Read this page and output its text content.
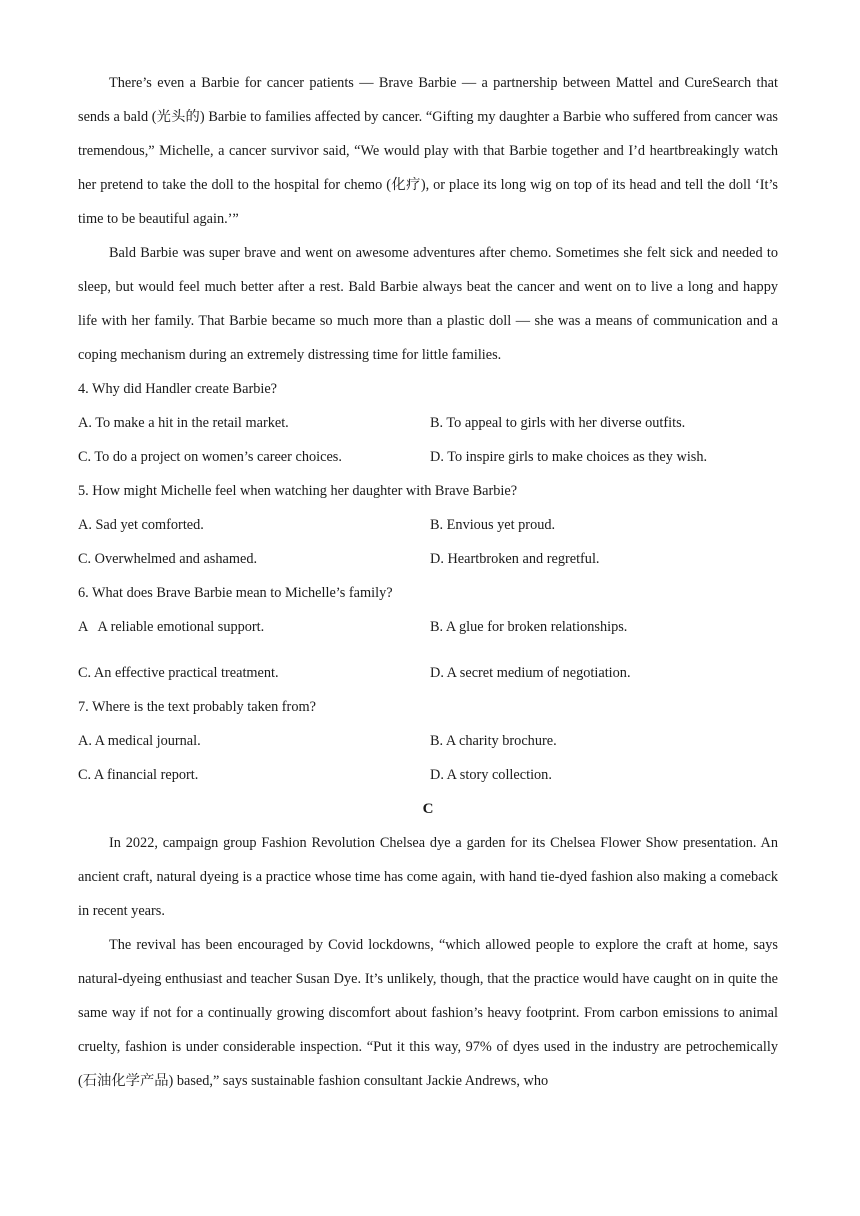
There’s even a Barbie for cancer patients — Brave Barbie — a partnership between Mattel and CureSearch that sends a bald (光头的) Barbie to families affected by cancer. “Gifting my daughter a Barbie who suffered from cancer was tremendous,” Michelle, a cancer survivor said, “We would play with that Barbie together and I’d heartbreakingly watch her pretend to take the doll to the hospital for chemo (化疗), or place its long wig on top of its head and tell the doll ‘It’s time to be beautiful again.’”

Bald Barbie was super brave and went on awesome adventures after chemo. Sometimes she felt sick and needed to sleep, but would feel much better after a rest. Bald Barbie always beat the cancer and went on to live a long and happy life with her family. That Barbie became so much more than a plastic doll — she was a means of communication and a coping mechanism during an extremely distressing time for little families.

4. Why did Handler create Barbie?

A. To make a hit in the retail market.	B. To appeal to girls with her diverse outfits.
C. To do a project on women’s career choices.	D. To inspire girls to make choices as they wish.

5. How might Michelle feel when watching her daughter with Brave Barbie?

A. Sad yet comforted.	B. Envious yet proud.
C. Overwhelmed and ashamed.	D. Heartbroken and regretful.

6. What does Brave Barbie mean to Michelle’s family?

A   A reliable emotional support.	B. A glue for broken relationships.
C. An effective practical treatment.	D. A secret medium of negotiation.

7. Where is the text probably taken from?

A. A medical journal.	B. A charity brochure.
C. A financial report.	D. A story collection.

C

In 2022, campaign group Fashion Revolution Chelsea dye a garden for its Chelsea Flower Show presentation. An ancient craft, natural dyeing is a practice whose time has come again, with hand tie-dyed fashion also making a comeback in recent years.

The revival has been encouraged by Covid lockdowns, “which allowed people to explore the craft at home, says natural-dyeing enthusiast and teacher Susan Dye. It’s unlikely, though, that the practice would have caught on in quite the same way if not for a continually growing discomfort about fashion’s heavy footprint. From carbon emissions to animal cruelty, fashion is under considerable inspection. “Put it this way, 97% of dyes used in the industry are petrochemically (石油化学产品) based,” says sustainable fashion consultant Jackie Andrews, who
